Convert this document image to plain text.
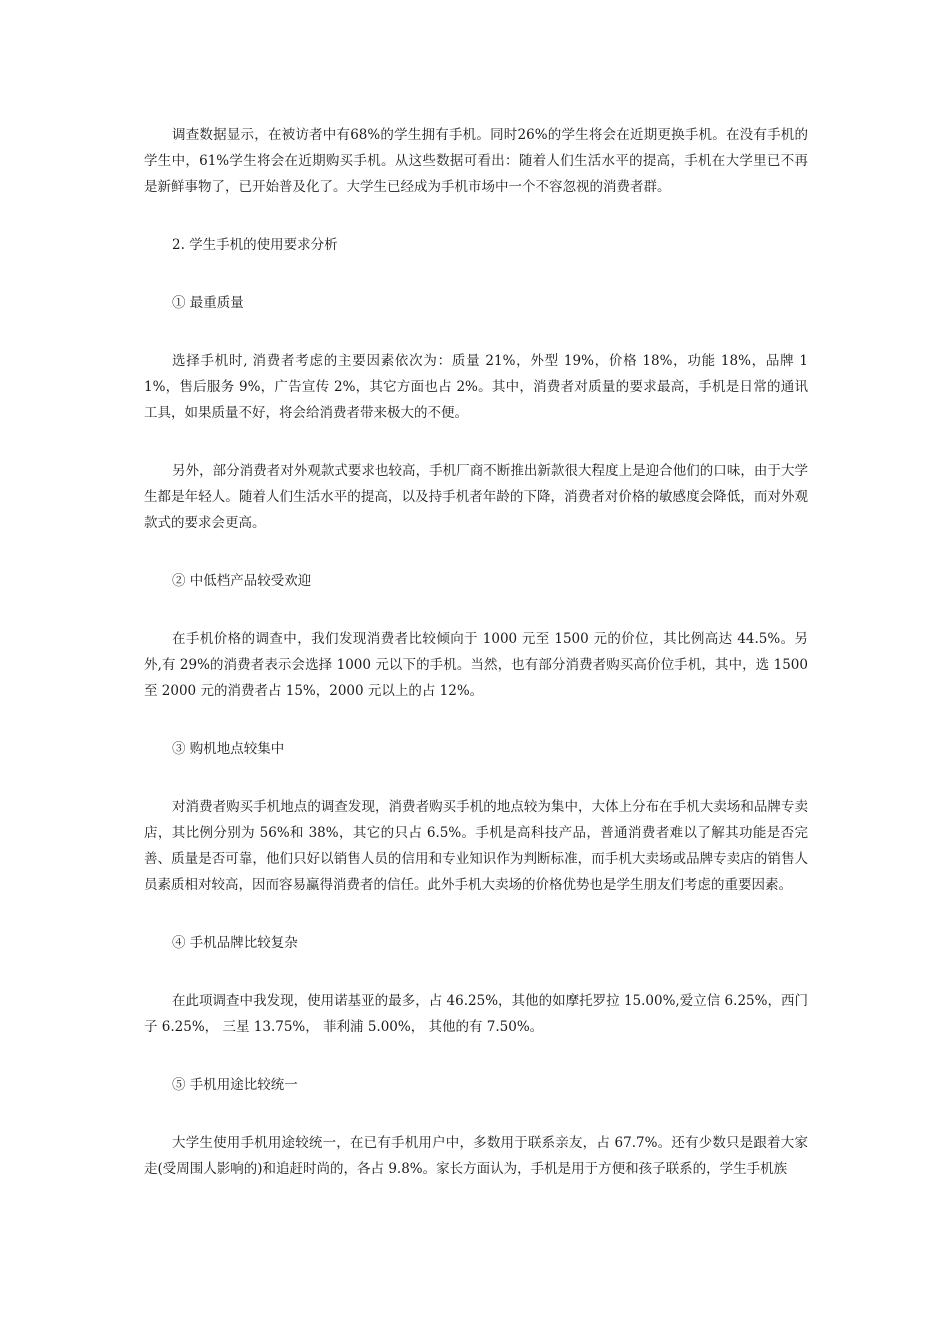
调查数据显示，在被访者中有68%的学生拥有手机。同时26%的学生将会在近期更换手机。在没有手机的学生中，61%学生将会在近期购买手机。从这些数据可看出：随着人们生活水平的提高，手机在大学里已不再是新鲜事物了，已开始普及化了。大学生已经成为手机市场中一个不容忽视的消费者群。

2. 学生手机的使用要求分析

① 最重质量

选择手机时, 消费者考虑的主要因素依次为：质量 21%，外型 19%，价格 18%，功能 18%，品牌 11%，售后服务 9%，广告宣传 2%，其它方面也占 2%。其中，消费者对质量的要求最高，手机是日常的通讯工具，如果质量不好，将会给消费者带来极大的不便。

另外，部分消费者对外观款式要求也较高，手机厂商不断推出新款很大程度上是迎合他们的口味，由于大学生都是年轻人。随着人们生活水平的提高，以及持手机者年龄的下降，消费者对价格的敏感度会降低，而对外观款式的要求会更高。

② 中低档产品较受欢迎

在手机价格的调查中，我们发现消费者比较倾向于 1000 元至 1500 元的价位，其比例高达 44.5%。另外,有 29%的消费者表示会选择 1000 元以下的手机。当然，也有部分消费者购买高价位手机，其中，选 1500 至 2000 元的消费者占 15%，2000 元以上的占 12%。

③ 购机地点较集中

对消费者购买手机地点的调查发现，消费者购买手机的地点较为集中，大体上分布在手机大卖场和品牌专卖店，其比例分别为 56%和 38%，其它的只占 6.5%。手机是高科技产品，普通消费者难以了解其功能是否完善、质量是否可靠，他们只好以销售人员的信用和专业知识作为判断标准，而手机大卖场或品牌专卖店的销售人员素质相对较高，因而容易赢得消费者的信任。此外手机大卖场的价格优势也是学生朋友们考虑的重要因素。

④ 手机品牌比较复杂

在此项调查中我发现，使用诺基亚的最多，占 46.25%，其他的如摩托罗拉 15.00%,爱立信 6.25%，西门子 6.25%， 三星 13.75%， 菲利浦 5.00%， 其他的有 7.50%。

⑤ 手机用途比较统一

大学生使用手机用途较统一，在已有手机用户中，多数用于联系亲友，占 67.7%。还有少数只是跟着大家走(受周围人影响的)和追赶时尚的，各占 9.8%。家长方面认为，手机是用于方便和孩子联系的，学生手机族
